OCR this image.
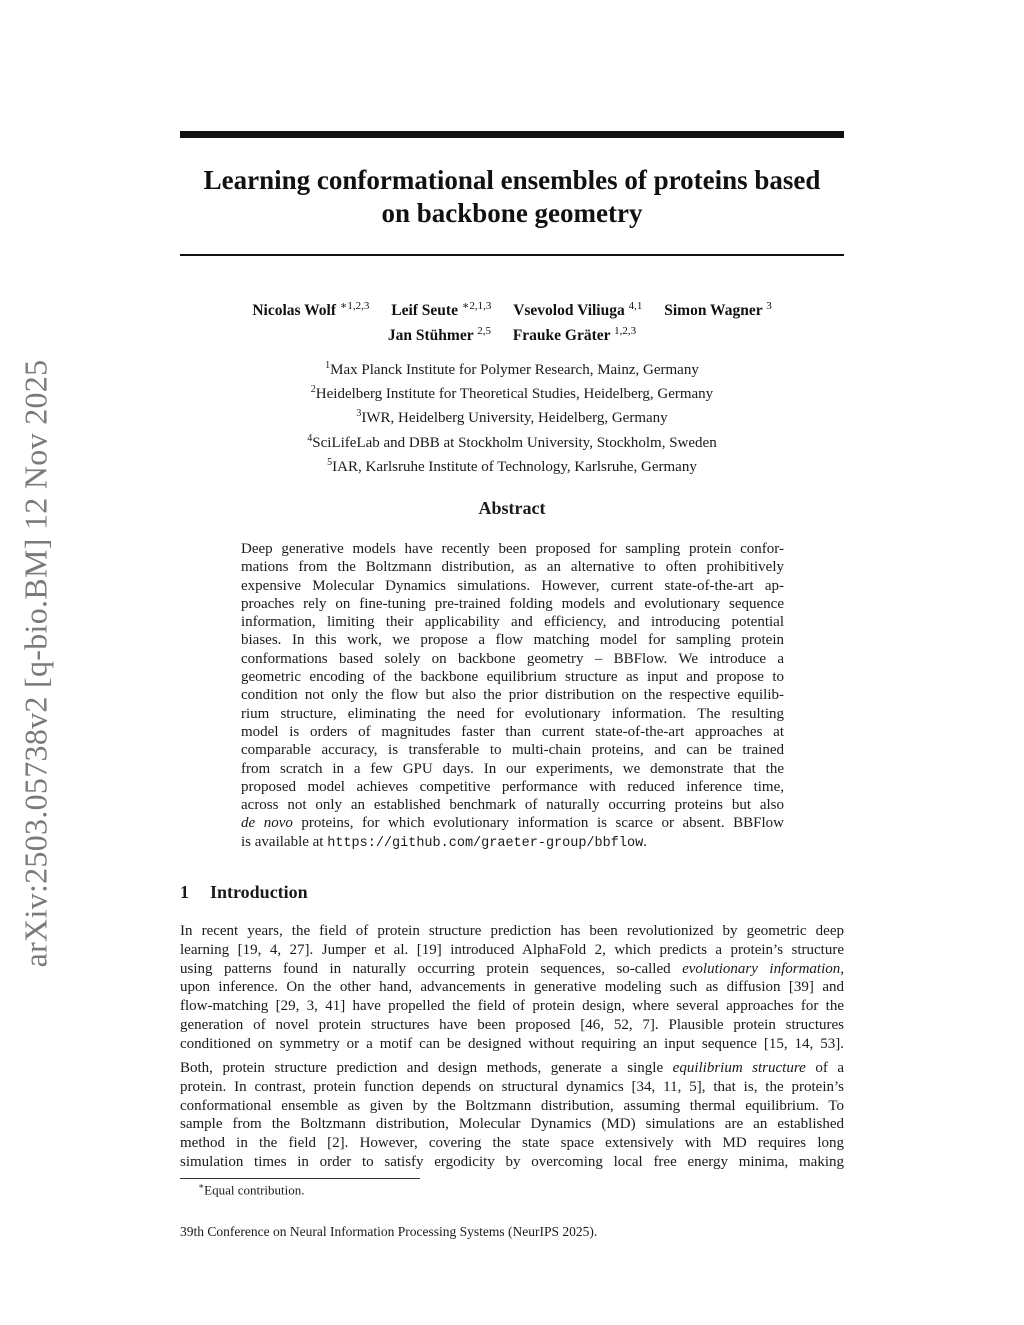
arXiv:2503.05738v2 [q-bio.BM] 12 Nov 2025
Learning conformational ensembles of proteins based
on backbone geometry
Nicolas Wolf $^{∗1,2,3}$ Leif Seute $^{∗2,1,3}$ Vsevolod Viliuga $^{4,1}$ Simon Wagner $^3$
Jan Stühmer $^{2,5}$ Frauke Gräter $^{1,2,3}$
$^1$Max Planck Institute for Polymer Research, Mainz, Germany
$^2$Heidelberg Institute for Theoretical Studies, Heidelberg, Germany
$^3$IWR, Heidelberg University, Heidelberg, Germany
$^4$SciLifeLab and DBB at Stockholm University, Stockholm, Sweden
$^5$IAR, Karlsruhe Institute of Technology, Karlsruhe, Germany
Abstract
Deep generative models have recently been proposed for sampling protein confor-
mations from the Boltzmann distribution, as an alternative to often prohibitively
expensive Molecular Dynamics simulations. However, current state-of-the-art ap-
proaches rely on fine-tuning pre-trained folding models and evolutionary sequence
information, limiting their applicability and efficiency, and introducing potential
biases. In this work, we propose a flow matching model for sampling protein
conformations based solely on backbone geometry – BBFlow. We introduce a
geometric encoding of the backbone equilibrium structure as input and propose to
condition not only the flow but also the prior distribution on the respective equilib-
rium structure, eliminating the need for evolutionary information. The resulting
model is orders of magnitudes faster than current state-of-the-art approaches at
comparable accuracy, is transferable to multi-chain proteins, and can be trained
from scratch in a few GPU days. In our experiments, we demonstrate that the
proposed model achieves competitive performance with reduced inference time,
across not only an established benchmark of naturally occurring proteins but also
de novo proteins, for which evolutionary information is scarce or absent. BBFlow
is available at https://github.com/graeter-group/bbflow.
1 Introduction
In recent years, the field of protein structure prediction has been revolutionized by geometric deep
learning [19, 4, 27]. Jumper et al. [19] introduced AlphaFold 2, which predicts a protein’s structure
using patterns found in naturally occurring protein sequences, so-called evolutionary information,
upon inference. On the other hand, advancements in generative modeling such as diffusion [39] and
flow-matching [29, 3, 41] have propelled the field of protein design, where several approaches for the
generation of novel protein structures have been proposed [46, 52, 7]. Plausible protein structures
conditioned on symmetry or a motif can be designed without requiring an input sequence [15, 14, 53].
Both, protein structure prediction and design methods, generate a single equilibrium structure of a
protein. In contrast, protein function depends on structural dynamics [34, 11, 5], that is, the protein’s
conformational ensemble as given by the Boltzmann distribution, assuming thermal equilibrium. To
sample from the Boltzmann distribution, Molecular Dynamics (MD) simulations are an established
method in the field [2]. However, covering the state space extensively with MD requires long
simulation times in order to satisfy ergodicity by overcoming local free energy minima, making
∗Equal contribution.
39th Conference on Neural Information Processing Systems (NeurIPS 2025).
